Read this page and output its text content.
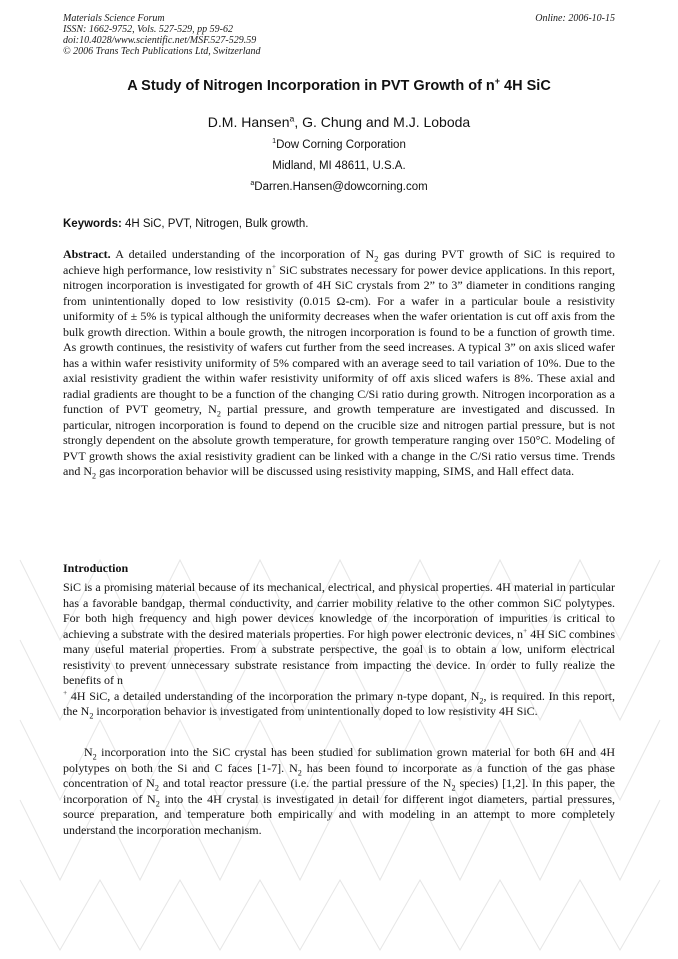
Materials Science Forum
ISSN: 1662-9752, Vols. 527-529, pp 59-62
doi:10.4028/www.scientific.net/MSF.527-529.59
© 2006 Trans Tech Publications Ltd, Switzerland
Online: 2006-10-15
A Study of Nitrogen Incorporation in PVT Growth of n+ 4H SiC
D.M. Hansen$^a$, G. Chung and M.J. Loboda
$^1$Dow Corning Corporation
Midland, MI 48611, U.S.A.
$^a$Darren.Hansen@dowcorning.com
Keywords: 4H SiC, PVT, Nitrogen, Bulk growth.
Abstract. A detailed understanding of the incorporation of $N_2$ gas during PVT growth of SiC is required to achieve high performance, low resistivity n+ SiC substrates necessary for power device applications. In this report, nitrogen incorporation is investigated for growth of 4H SiC crystals from 2” to 3” diameter in conditions ranging from unintentionally doped to low resistivity (0.015 Ω-cm). For a wafer in a particular boule a resistivity uniformity of ± 5% is typical although the uniformity decreases when the wafer orientation is cut off axis from the bulk growth direction. Within a boule growth, the nitrogen incorporation is found to be a function of growth time. As growth continues, the resistivity of wafers cut further from the seed increases. A typical 3” on axis sliced wafer has a within wafer resistivity uniformity of 5% compared with an average seed to tail variation of 10%. Due to the axial resistivity gradient the within wafer resistivity uniformity of off axis sliced wafers is 8%. These axial and radial gradients are thought to be a function of the changing C/Si ratio during growth. Nitrogen incorporation as a function of PVT geometry, $N_2$ partial pressure, and growth temperature are investigated and discussed. In particular, nitrogen incorporation is found to depend on the crucible size and nitrogen partial pressure, but is not strongly dependent on the absolute growth temperature, for growth temperature ranging over 150°C. Modeling of PVT growth shows the axial resistivity gradient can be linked with a change in the C/Si ratio versus time. Trends and $N_2$ gas incorporation behavior will be discussed using resistivity mapping, SIMS, and Hall effect data.
Introduction
SiC is a promising material because of its mechanical, electrical, and physical properties. 4H material in particular has a favorable bandgap, thermal conductivity, and carrier mobility relative to the other common SiC polytypes. For both high frequency and high power devices knowledge of the incorporation of impurities is critical to achieving a substrate with the desired materials properties. For high power electronic devices, n+ 4H SiC combines many useful material properties. From a substrate perspective, the goal is to obtain a low, uniform electrical resistivity to prevent unnecessary substrate resistance from impacting the device. In order to fully realize the benefits of n
+ 4H SiC, a detailed understanding of the incorporation the primary n-type dopant, $N_2$, is required. In this report, the $N_2$ incorporation behavior is investigated from unintentionally doped to low resistivity 4H SiC.
$N_2$ incorporation into the SiC crystal has been studied for sublimation grown material for both 6H and 4H polytypes on both the Si and C faces [1-7]. $N_2$ has been found to incorporate as a function of the gas phase concentration of $N_2$ and total reactor pressure (i.e. the partial pressure of the $N_2$ species) [1,2]. In this paper, the incorporation of $N_2$ into the 4H crystal is investigated in detail for different ingot diameters, partial pressures, source preparation, and temperature both empirically and with modeling in an attempt to more completely understand the incorporation mechanism.
